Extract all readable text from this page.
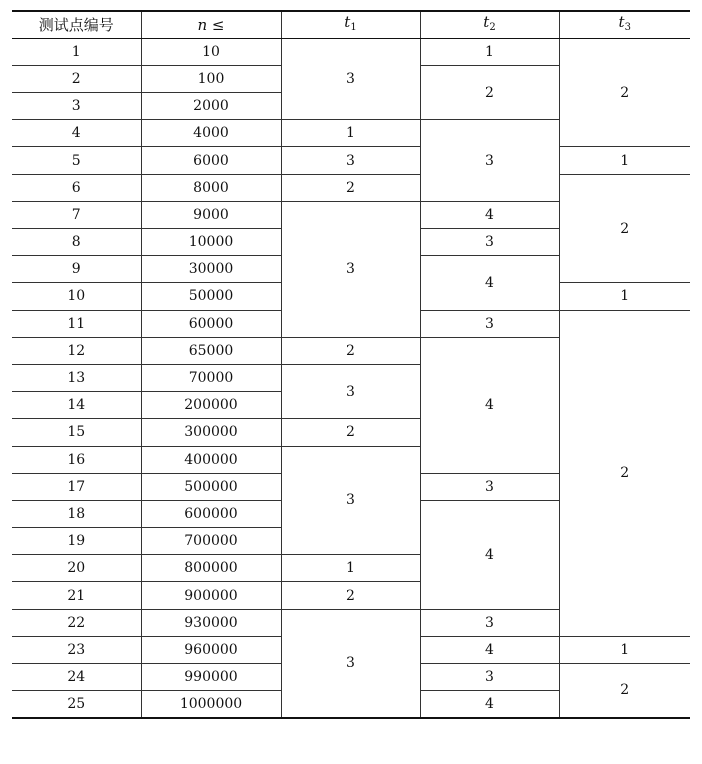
测试点编号	n ≤	$t_1$	$t_2$	$t_3$
1	10	3	1	2
2	100		2	
3	2000			
4	4000	1	3	
5	6000	3		1
6	8000	2		2
7	9000	3	4	
8	10000		3	
9	30000		4	
10	50000			1
11	60000		3	2
12	65000	2	4	
13	70000	3		
14	200000			
15	300000	2		
16	400000	3		
17	500000		3	
18	600000		4	
19	700000			
20	800000	1		
21	900000	2		
22	930000	3	3	
23	960000		4	1
24	990000		3	2
25	1000000		4	
